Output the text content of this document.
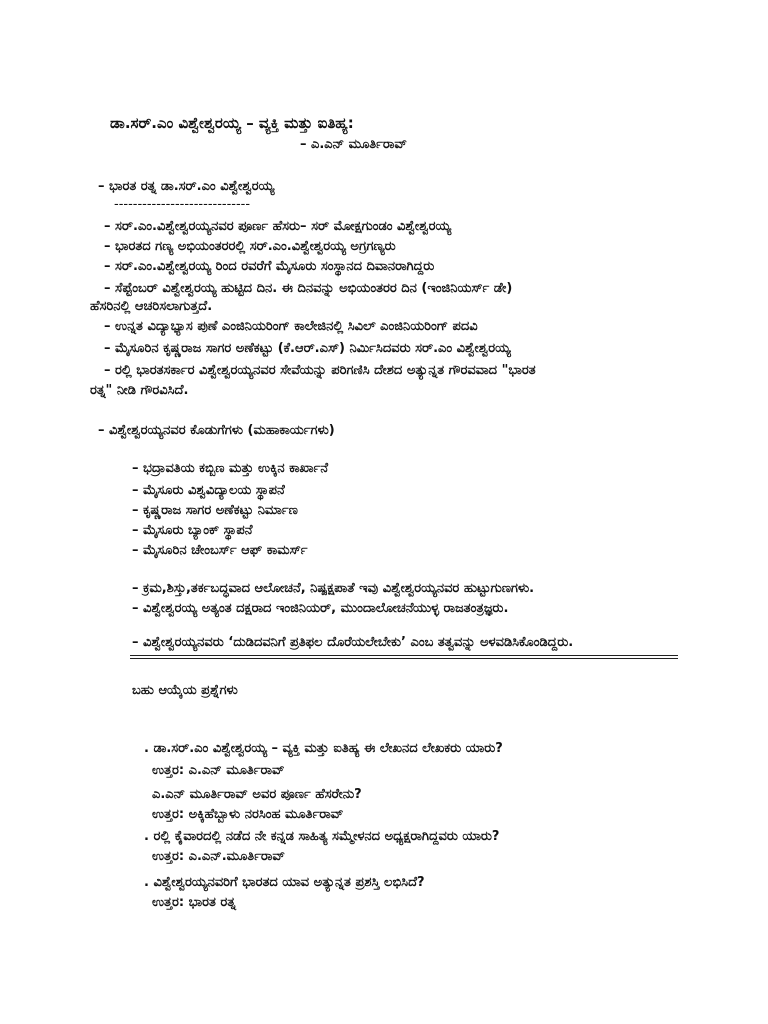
ಡಾ.ಸರ್.ಎಂ ವಿಶ್ವೇಶ್ವರಯ್ಯ – ವ್ಯಕ್ತಿ ಮತ್ತು ಐತಿಹ್ಯ:
– ಎ.ಎನ್ ಮೂರ್ತಿರಾವ್
– ಭಾರತ ರತ್ನ ಡಾ.ಸರ್.ಎಂ ವಿಶ್ವೇಶ್ವರಯ್ಯ
-----------------------------
– ಸರ್.ಎಂ.ವಿಶ್ವೇಶ್ವರಯ್ಯನವರ ಪೂರ್ಣ ಹೆಸರು– ಸರ್ ಮೋಕ್ಷಗುಂಡಂ ವಿಶ್ವೇಶ್ವರಯ್ಯ
– ಭಾರತದ ಗಣ್ಯ ಅಭಿಯಂತರರಲ್ಲಿ ಸರ್.ಎಂ.ವಿಶ್ವೇಶ್ವರಯ್ಯ ಅಗ್ರಗಣ್ಯರು
– ಸರ್.ಎಂ.ವಿಶ್ವೇಶ್ವರಯ್ಯ ರಿಂದ ರವರೆಗೆ ಮೈಸೂರು ಸಂಸ್ಥಾನದ ದಿವಾನರಾಗಿದ್ದರು
– ಸೆಪ್ಟೆಂಬರ್ ವಿಶ್ವೇಶ್ವರಯ್ಯ ಹುಟ್ಟಿದ ದಿನ. ಈ ದಿನವನ್ನು ಅಭಿಯಂತರರ ದಿನ (ಇಂಜಿನಿಯರ್ಸ್ ಡೇ)
ಹೆಸರಿನಲ್ಲಿ ಆಚರಿಸಲಾಗುತ್ತದೆ.
– ಉನ್ನತ ವಿದ್ಯಾಭ್ಯಾಸ ಪುಣೆ ಎಂಜಿನಿಯರಿಂಗ್ ಕಾಲೇಜಿನಲ್ಲಿ ಸಿವಿಲ್ ಎಂಜಿನಿಯರಿಂಗ್ ಪದವಿ
– ಮೈಸೂರಿನ ಕೃಷ್ಣರಾಜ ಸಾಗರ ಅಣೆಕಟ್ಟು (ಕೆ.ಆರ್.ಎಸ್) ನಿರ್ಮಿಸಿದವರು ಸರ್.ಎಂ ವಿಶ್ವೇಶ್ವರಯ್ಯ
– ರಲ್ಲಿ ಭಾರತಸರ್ಕಾರ ವಿಶ್ವೇಶ್ವರಯ್ಯನವರ ಸೇವೆಯನ್ನು ಪರಿಗಣಿಸಿ ದೇಶದ ಅತ್ಯುನ್ನತ ಗೌರವವಾದ "ಭಾರತ
ರತ್ನ" ನೀಡಿ ಗೌರವಿಸಿದೆ.
– ವಿಶ್ವೇಶ್ವರಯ್ಯನವರ ಕೊಡುಗೆಗಳು (ಮಹಾಕಾರ್ಯಗಳು)
– ಭದ್ರಾವತಿಯ ಕಬ್ಬಿಣ ಮತ್ತು ಉಕ್ಕಿನ ಕಾರ್ಖಾನೆ
– ಮೈಸೂರು ವಿಶ್ವವಿದ್ಯಾಲಯ ಸ್ಥಾಪನೆ
– ಕೃಷ್ಣರಾಜ ಸಾಗರ ಅಣೆಕಟ್ಟು ನಿರ್ಮಾಣ
– ಮೈಸೂರು ಬ್ಯಾಂಕ್ ಸ್ಥಾಪನೆ
– ಮೈಸೂರಿನ ಚೇಂಬರ್ಸ್ ಆಫ್ ಕಾಮರ್ಸ್
– ಕ್ರಮ,ಶಿಸ್ತು,ತರ್ಕಬದ್ಧವಾದ ಆಲೋಚನೆ, ನಿಷ್ಪಕ್ಷಪಾತೆ ಇವು ವಿಶ್ವೇಶ್ವರಯ್ಯನವರ ಹುಟ್ಟುಗುಣಗಳು.
– ವಿಶ್ವೇಶ್ವರಯ್ಯ ಅತ್ಯಂತ ದಕ್ಷರಾದ ಇಂಜಿನಿಯರ್, ಮುಂದಾಲೋಚನೆಯುಳ್ಳ ರಾಜತಂತ್ರಜ್ಞರು.
– ವಿಶ್ವೇಶ್ವರಯ್ಯನವರು ‘ದುಡಿದವನಿಗೆ ಪ್ರತಿಫಲ ದೊರೆಯಲೇಬೇಕು’ ಎಂಬ ತತ್ವವನ್ನು ಅಳವಡಿಸಿಕೊಂಡಿದ್ದರು.
ಬಹು ಆಯ್ಕೆಯ ಪ್ರಶ್ನೆಗಳು
. ಡಾ.ಸರ್.ಎಂ ವಿಶ್ವೇಶ್ವರಯ್ಯ – ವ್ಯಕ್ತಿ ಮತ್ತು ಐತಿಹ್ಯ ಈ ಲೇಖನದ ಲೇಖಕರು ಯಾರು?
ಉತ್ತರ: ಎ.ಎನ್ ಮೂರ್ತಿರಾವ್
ಎ.ಎನ್ ಮೂರ್ತಿರಾವ್ ಅವರ ಪೂರ್ಣ ಹೆಸರೇನು?
ಉತ್ತರ: ಅಕ್ಕಿಹೆಬ್ಬಾಳು ನರಸಿಂಹ ಮೂರ್ತಿರಾವ್
. ರಲ್ಲಿ ಕೈವಾರದಲ್ಲಿ ನಡೆದ ನೇ ಕನ್ನಡ ಸಾಹಿತ್ಯ ಸಮ್ಮೇಳನದ ಅಧ್ಯಕ್ಷರಾಗಿದ್ದವರು ಯಾರು?
ಉತ್ತರ: ಎ.ಎನ್.ಮೂರ್ತಿರಾವ್
. ವಿಶ್ವೇಶ್ವರಯ್ಯನವರಿಗೆ ಭಾರತದ ಯಾವ ಅತ್ಯುನ್ನತ ಪ್ರಶಸ್ತಿ ಲಭಿಸಿದೆ?
ಉತ್ತರ: ಭಾರತ ರತ್ನ
